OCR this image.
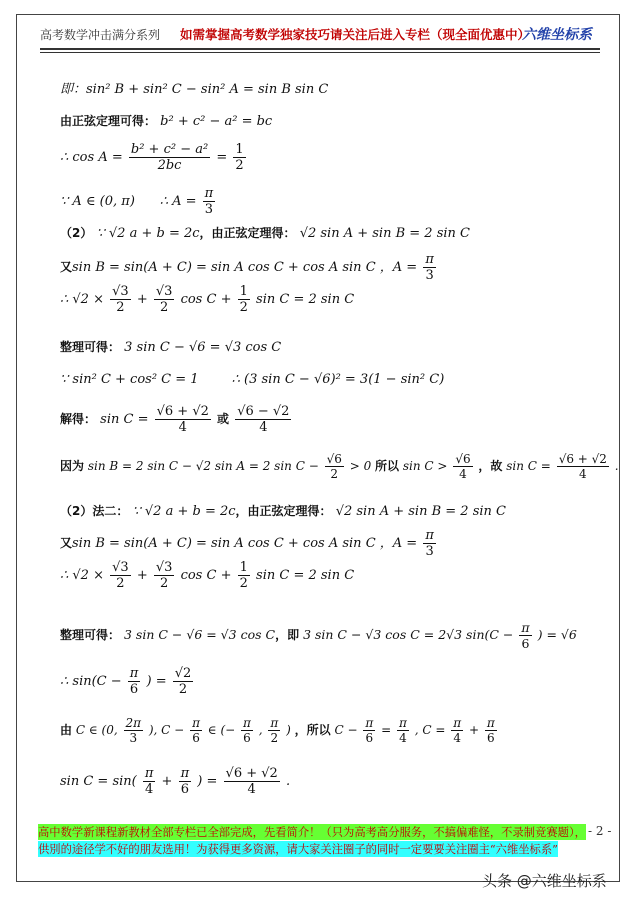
高考数学冲击满分系列 如需掌握高考数学独家技巧请关注后进入专栏（现全面优惠中）
六维坐标系
即：sin² B + sin² C − sin² A = sin B sin C
由正弦定理可得： b² + c² − a² = bc
∴ $\cos A = \frac{\text{b² + c² − a²}}{2bc} = \frac{1}{2}$
∵ A ∈ (0, π) ∴ $A = \frac{\pi}{3}$
（2） ∵ √2 a + b = 2c，由正弦定理得： √2 sin A + sin B = 2 sin C
又sin B = sin(A + C) = sin A cos C + cos A sin C ，$A = \frac{\pi}{3}$
∴ $√2 \times \frac{√3}{2} + \frac{√3}{2}$ $\cos C + \frac{1}{2}$ sin C = 2 sin C
整理可得： 3 sin C − √6 = √3 cos C
∵ sin² C + cos² C = 1	∴ (3 sin C − √6)² = 3(1 − sin² C)
解得： $\sin C = \frac{√6 + √2}{4}$ 或 $\frac{√6 - √2}{4}$
因为 sin B = 2 sin C − √2 sin A = 2 $\sin C - \frac{√6}{2} > 0$ 所以 $\sin C > \frac{√6}{4}$ ，故 $\sin C = \frac{√6 + √2}{4}$ .
（2）法二： ∵ √2 a + b = 2c，由正弦定理得： √2 sin A + sin B = 2 sin C
又sin B = sin(A + C) = sin A cos C + cos A sin C ，$A = \frac{\pi}{3}$
∴ $√2 \times \frac{√3}{2} + \frac{√3}{2}$ $\cos C + \frac{1}{2}$ sin C = 2 sin C
整理可得： 3 sin C − √6 = √3 cos C，即 3 sin C − √3 cos C = 2√3 $\sin(C - \frac{\pi}{6}$ ) = √6
∴ $\sin(C - \frac{\pi}{6}$ ) = $\frac{√2}{2}$
由 C ∈ (0, $\frac{2\pi}{3}$ ), $C - \frac{\pi}{6}$ ∈ (− $\frac{\pi}{6}$ , $\frac{\pi}{2}$ ) ，所以 $C - \frac{\pi}{6} = \frac{\pi}{4}$ , $C = \frac{\pi}{4} + \frac{\pi}{6}$
$\sin C = \sin( \frac{\pi}{4} + \frac{\pi}{6}$ ) = $\frac{√6 + √2}{4}$ .
高中数学新课程新教材全部专栏已全部完成，先看简介！（只为高考高分服务，不搞偏难怪，不录制竞赛题），
供別的途径学不好的朋友选用！为获得更多资源，请大家关注圈子的同时一定要要关注圈主“六维坐标系”
- 2 -
头条 @六维坐标系
